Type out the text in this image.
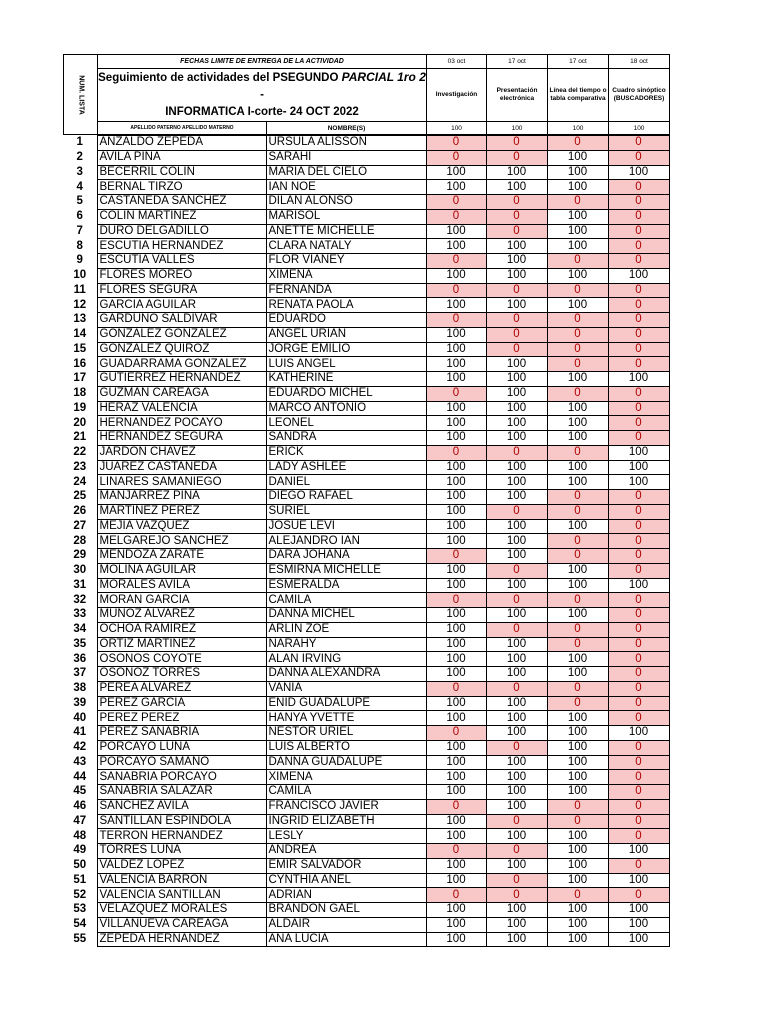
NUM. LISTA	FECHAS LIMITE DE ENTREGA DE LA ACTIVIDAD		03 oct	17 oct	17 oct	18 oct
	Seguimiento de actividades del PSEGUNDO PARCIAL 1ro 2 -
INFORMATICA I-corte- 24 OCT 2022		Investigación	Presentación electrónica	Línea del tiempo o tabla comparativa	Cuadro sinóptico (BUSCADORES)
	APELLIDO PATERNO APELLIDO MATERNO	NOMBRE(S)	100	100	100	100
1	ANZALDO ZEPEDA	URSULA ALISSON	0	0	0	0
2	AVILA PINA	SARAHI	0	0	100	0
3	BECERRIL COLIN	MARIA DEL CIELO	100	100	100	100
4	BERNAL TIRZO	IAN NOE	100	100	100	0
5	CASTANEDA SANCHEZ	DILAN ALONSO	0	0	0	0
6	COLIN MARTINEZ	MARISOL	0	0	100	0
7	DURO DELGADILLO	ANETTE MICHELLE	100	0	100	0
8	ESCUTIA HERNANDEZ	CLARA NATALY	100	100	100	0
9	ESCUTIA VALLES	FLOR VIANEY	0	100	0	0
10	FLORES MOREO	XIMENA	100	100	100	100
11	FLORES SEGURA	FERNANDA	0	0	0	0
12	GARCIA AGUILAR	RENATA PAOLA	100	100	100	0
13	GARDUNO SALDIVAR	EDUARDO	0	0	0	0
14	GONZALEZ GONZALEZ	ANGEL URIAN	100	0	0	0
15	GONZALEZ QUIROZ	JORGE EMILIO	100	0	0	0
16	GUADARRAMA GONZALEZ	LUIS ANGEL	100	100	0	0
17	GUTIERREZ HERNANDEZ	KATHERINE	100	100	100	100
18	GUZMAN CAREAGA	EDUARDO MICHEL	0	100	0	0
19	HERAZ VALENCIA	MARCO ANTONIO	100	100	100	0
20	HERNANDEZ POCAYO	LEONEL	100	100	100	0
21	HERNANDEZ SEGURA	SANDRA	100	100	100	0
22	JARDON CHAVEZ	ERICK	0	0	0	100
23	JUAREZ CASTANEDA	LADY ASHLEE	100	100	100	100
24	LINARES SAMANIEGO	DANIEL	100	100	100	100
25	MANJARREZ PINA	DIEGO RAFAEL	100	100	0	0
26	MARTINEZ PEREZ	SURIEL	100	0	0	0
27	MEJIA VAZQUEZ	JOSUE LEVI	100	100	100	0
28	MELGAREJO SANCHEZ	ALEJANDRO IAN	100	100	0	0
29	MENDOZA ZARATE	DARA JOHANA	0	100	0	0
30	MOLINA AGUILAR	ESMIRNA MICHELLE	100	0	100	0
31	MORALES AVILA	ESMERALDA	100	100	100	100
32	MORAN GARCIA	CAMILA	0	0	0	0
33	MUNOZ ALVAREZ	DANNA MICHEL	100	100	100	0
34	OCHOA RAMIREZ	ARLIN ZOE	100	0	0	0
35	ORTIZ MARTINEZ	NARAHY	100	100	0	0
36	OSONOS COYOTE	ALAN IRVING	100	100	100	0
37	OSONOZ TORRES	DANNA ALEXANDRA	100	100	100	0
38	PEREA ALVAREZ	VANIA	0	0	0	0
39	PEREZ GARCIA	ENID GUADALUPE	100	100	0	0
40	PEREZ PEREZ	HANYA YVETTE	100	100	100	0
41	PEREZ SANABRIA	NESTOR URIEL	0	100	100	100
42	PORCAYO LUNA	LUIS ALBERTO	100	0	100	0
43	PORCAYO SAMANO	DANNA GUADALUPE	100	100	100	0
44	SANABRIA PORCAYO	XIMENA	100	100	100	0
45	SANABRIA SALAZAR	CAMILA	100	100	100	0
46	SANCHEZ AVILA	FRANCISCO JAVIER	0	100	0	0
47	SANTILLAN ESPINDOLA	INGRID ELIZABETH	100	0	0	0
48	TERRON HERNANDEZ	LESLY	100	100	100	0
49	TORRES LUNA	ANDREA	0	0	100	100
50	VALDEZ LOPEZ	EMIR SALVADOR	100	100	100	0
51	VALENCIA BARRON	CYNTHIA ANEL	100	0	100	100
52	VALENCIA SANTILLAN	ADRIAN	0	0	0	0
53	VELAZQUEZ MORALES	BRANDON GAEL	100	100	100	100
54	VILLANUEVA CAREAGA	ALDAIR	100	100	100	100
55	ZEPEDA HERNANDEZ	ANA LUCIA	100	100	100	100
